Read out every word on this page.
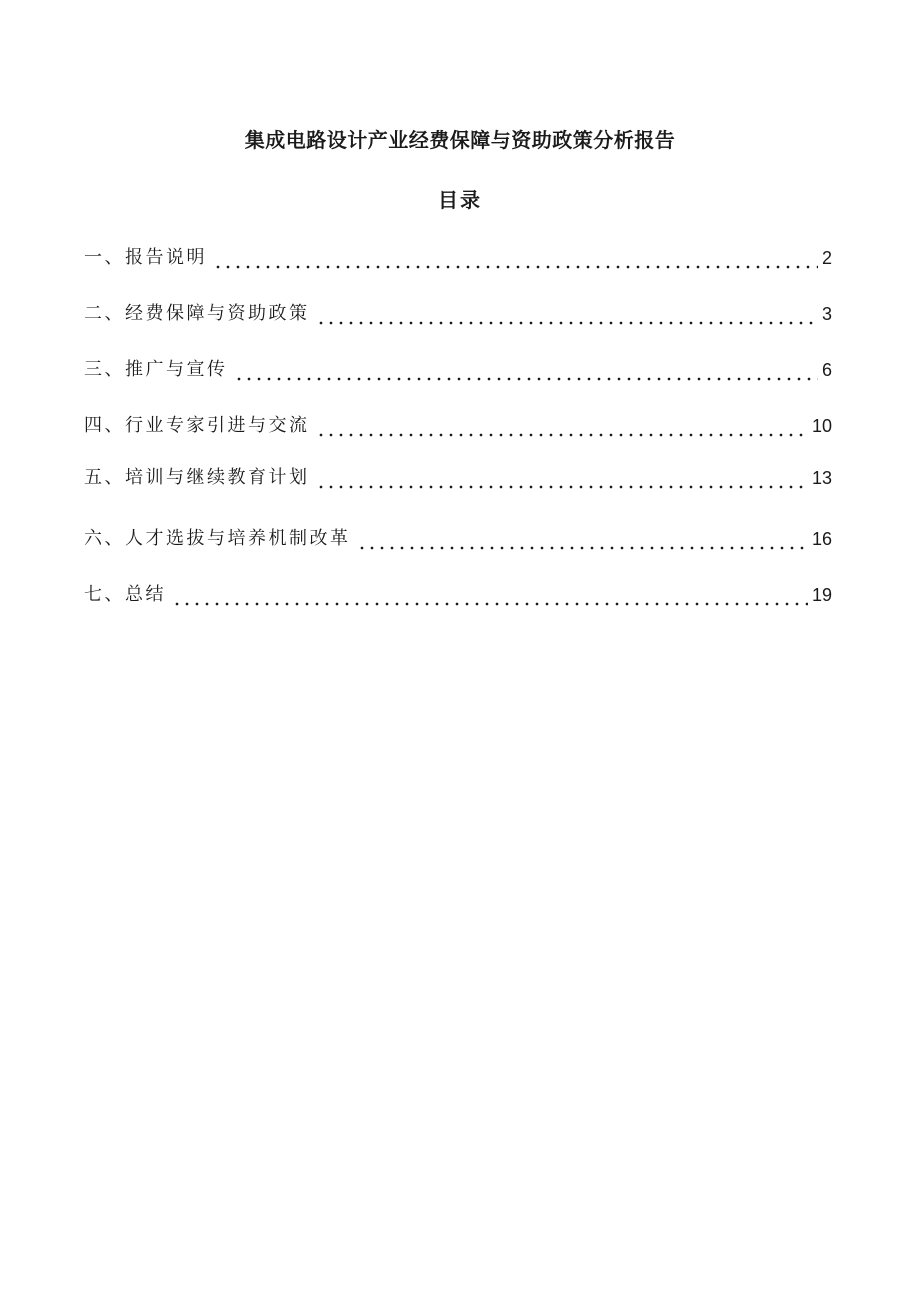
集成电路设计产业经费保障与资助政策分析报告
目录
一、报告说明	2
二、经费保障与资助政策	3
三、推广与宣传	6
四、行业专家引进与交流	10
五、培训与继续教育计划	13
六、人才选拔与培养机制改革	16
七、总结	19
